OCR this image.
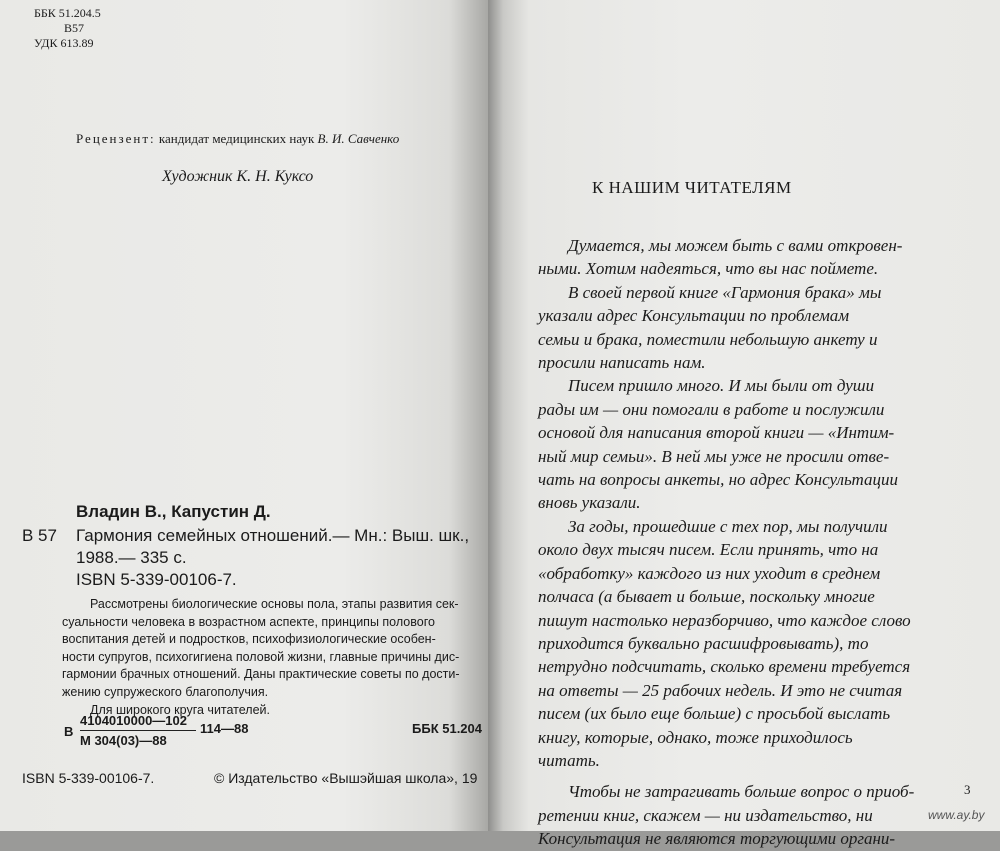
ББК 51.204.5
В57
УДК 613.89
Рецензент: кандидат медицинских наук В. И. Савченко
Художник К. Н. Куксо
Владин В., Капустин Д.
В 57 Гармония семейных отношений.— Мн.: Выш. шк.,
1988.— 335 с.
ISBN 5-339-00106-7.
Рассмотрены биологические основы пола, этапы развития сек-
суальности человека в возрастном аспекте, принципы полового
воспитания детей и подростков, психофизиологические особен-
ности супругов, психогигиена половой жизни, главные причины дис-
гармонии брачных отношений. Даны практические советы по дости-
жению супружеского благополучия.
Для широкого круга читателей.
В
4104010000—102
М 304(03)—88
114—88	ББК 51.204
ISBN 5-339-00106-7.	© Издательство «Вышэйшая школа», 19
К НАШИМ ЧИТАТЕЛЯМ
Думается, мы можем быть с вами откровен-
ными. Хотим надеяться, что вы нас поймете.
В своей первой книге «Гармония брака» мы
указали адрес Консультации по проблемам
семьи и брака, поместили небольшую анкету и
просили написать нам.
Писем пришло много. И мы были от души
рады им — они помогали в работе и послужили
основой для написания второй книги — «Интим-
ный мир семьи». В ней мы уже не просили отве-
чать на вопросы анкеты, но адрес Консультации
вновь указали.
За годы, прошедшие с тех пор, мы получили
около двух тысяч писем. Если принять, что на
«обработку» каждого из них уходит в среднем
полчаса (а бывает и больше, поскольку многие
пишут настолько неразборчиво, что каждое слово
приходится буквально расшифровывать), то
нетрудно подсчитать, сколько времени требуется
на ответы — 25 рабочих недель. И это не считая
писем (их было еще больше) с просьбой выслать
книгу, которые, однако, тоже приходилось
читать.
Чтобы не затрагивать больше вопрос о приоб-
ретении книг, скажем — ни издательство, ни
Консультация не являются торгующими органи-
3
www.ay.by
